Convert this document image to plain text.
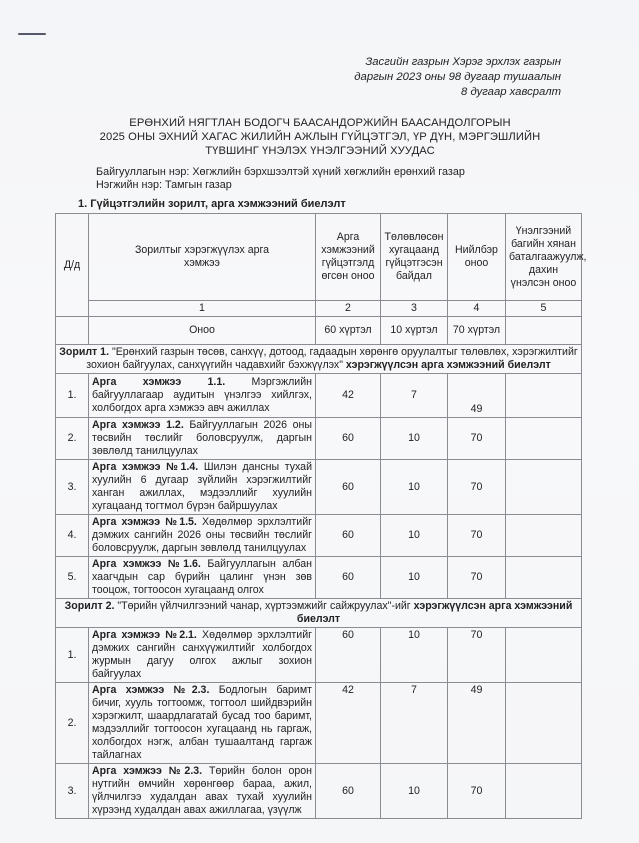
Засгийн газрын Хэрэг эрхлэх газрын
даргын 2023 оны 98 дугаар тушаалын
8 дугаар хавсралт
ЕРӨНХИЙ НЯГТЛАН БОДОГЧ БААСАНДОРЖИЙН БААСАНДОЛГОРЫН
2025 ОНЫ ЭХНИЙ ХАГАС ЖИЛИЙН АЖЛЫН ГҮЙЦЭТГЭЛ, ҮР ДҮН, МЭРГЭШЛИЙН
ТҮВШИНГ ҮНЭЛЭХ ҮНЭЛГЭЭНИЙ ХУУДАС
Байгууллагын нэр: Хөгжлийн бэрхшээлтэй хүний хөгжлийн ерөнхий газар
Нэгжийн нэр: Тамгын газар
1. Гүйцэтгэлийн зорилт, арга хэмжээний биелэлт
Д/д	Зорилтыг хэрэгжүүлэх арга хэмжээ	Арга хэмжээний гүйцэтгэлд өгсөн оноо	Төлөвлөсөн хугацаанд гүйцэтгэсэн байдал	Нийлбэр оноо	Үнэлгээний багийн хянан баталгаажуулж, дахин үнэлсэн оноо
	1	2	3	4	5
	Оноо	60 хүртэл	10 хүртэл	70 хүртэл	
Зорилт 1. "Ерөнхий газрын төсөв, санхүү, дотоод, гадаадын хөрөнгө оруулалтыг төлөвлөх, хэрэгжилтийг зохион байгуулах, санхүүгийн чадавхийг бэхжүүлэх" хэрэгжүүлсэн арга хэмжээний биелэлт					
1.	Арга хэмжээ 1.1. Мэргэжлийн байгууллагаар аудитын үнэлгээ хийлгэх, холбогдох арга хэмжээ авч ажиллах	42	7	49	
2.	Арга хэмжээ 1.2. Байгууллагын 2026 оны төсвийн төслийг боловсруулж, даргын зөвлөлд танилцуулах	60	10	70	
3.	Арга хэмжээ №1.4. Шилэн дансны тухай хуулийн 6 дугаар зүйлийн хэрэгжилтийг ханган ажиллах, мэдээллийг хуулийн хугацаанд тогтмол бүрэн байршуулах	60	10	70	
4.	Арга хэмжээ №1.5. Хөдөлмөр эрхлэлтийг дэмжих сангийн 2026 оны төсвийн төслийг боловсруулж, даргын зөвлөлд танилцуулах	60	10	70	
5.	Арга хэмжээ №1.6. Байгууллагын албан хаагчдын сар бүрийн цалинг үнэн зөв тооцож, тогтоосон хугацаанд олгох	60	10	70	
Зорилт 2. "Төрийн үйлчилгээний чанар, хүртээмжийг сайжруулах"-ийг хэрэгжүүлсэн арга хэмжээний биелэлт					
1.	Арга хэмжээ №2.1. Хөдөлмөр эрхлэлтийг дэмжих сангийн санхүүжилтийг холбогдох журмын дагуу олгох ажлыг зохион байгуулах	60	10	70	
2.	Арга хэмжээ №2.3. Бодлогын баримт бичиг, хууль тогтоомж, тогтоол шийдвэрийн хэрэгжилт, шаардлагатай бусад тоо баримт, мэдээллийг тогтоосон хугацаанд нь гаргаж, холбогдох нэгж, албан тушаалтанд гаргаж тайлагнах	42	7	49	
3.	Арга хэмжээ №2.3. Төрийн болон орон нутгийн өмчийн хөрөнгөөр бараа, ажил, үйлчилгээ худалдан авах тухай хуулийн хүрээнд худалдан авах ажиллагаа, үзүүлж	60	10	70	
